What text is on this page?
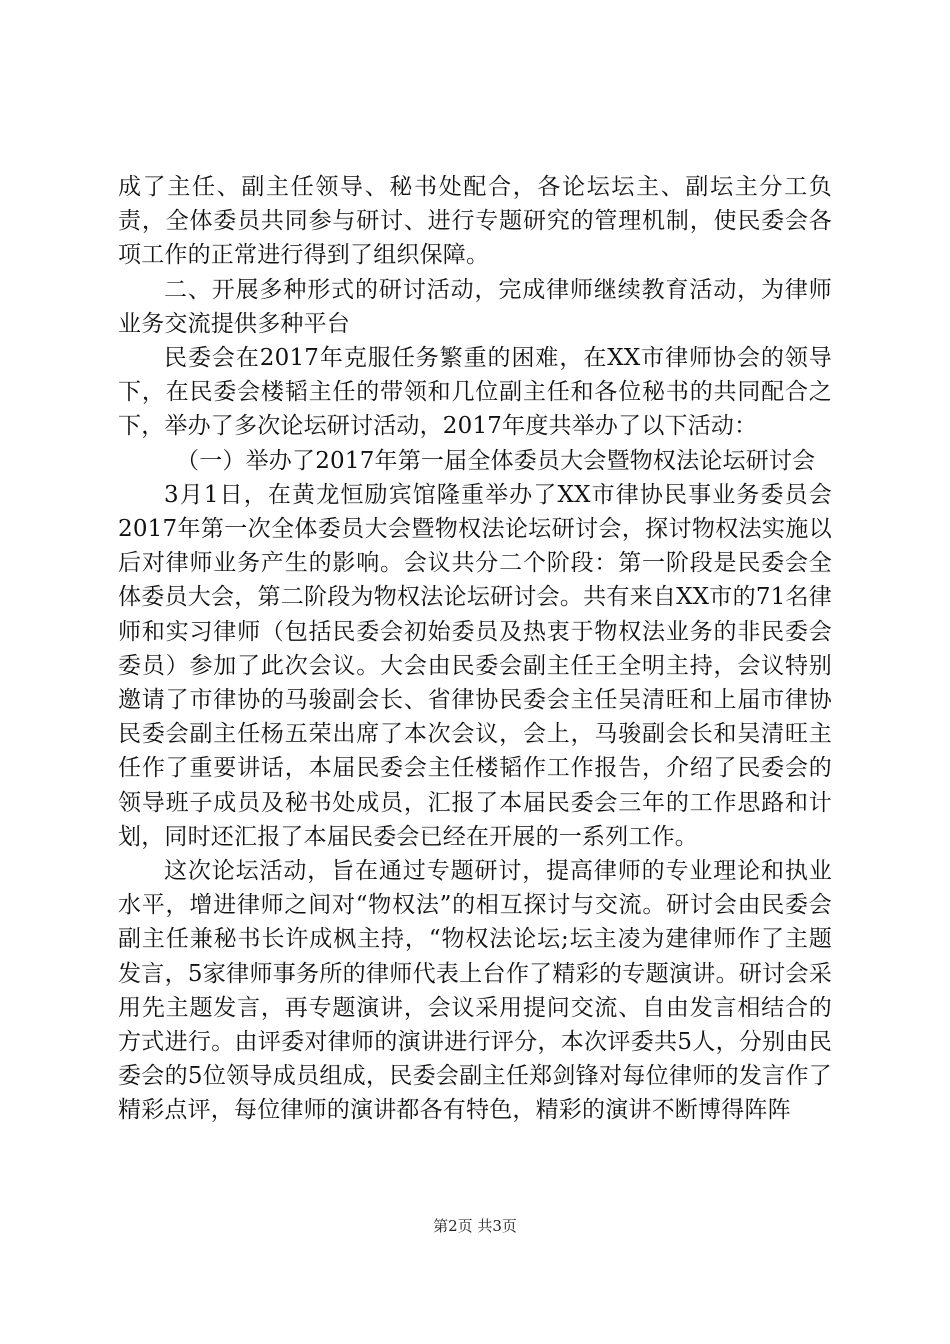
成了主任、副主任领导、秘书处配合，各论坛坛主、副坛主分工负责，全体委员共同参与研讨、进行专题研究的管理机制，使民委会各项工作的正常进行得到了组织保障。

二、开展多种形式的研讨活动，完成律师继续教育活动，为律师业务交流提供多种平台

民委会在2017年克服任务繁重的困难，在XX市律师协会的领导下，在民委会楼韬主任的带领和几位副主任和各位秘书的共同配合之下，举办了多次论坛研讨活动，2017年度共举办了以下活动：

（一）举办了2017年第一届全体委员大会暨物权法论坛研讨会

3月1日，在黄龙恒励宾馆隆重举办了XX市律协民事业务委员会2017年第一次全体委员大会暨物权法论坛研讨会，探讨物权法实施以后对律师业务产生的影响。会议共分二个阶段：第一阶段是民委会全体委员大会，第二阶段为物权法论坛研讨会。共有来自XX市的71名律师和实习律师（包括民委会初始委员及热衷于物权法业务的非民委会委员）参加了此次会议。大会由民委会副主任王全明主持，会议特别邀请了市律协的马骏副会长、省律协民委会主任吴清旺和上届市律协民委会副主任杨五荣出席了本次会议，会上，马骏副会长和吴清旺主任作了重要讲话，本届民委会主任楼韬作工作报告，介绍了民委会的领导班子成员及秘书处成员，汇报了本届民委会三年的工作思路和计划，同时还汇报了本届民委会已经在开展的一系列工作。

这次论坛活动，旨在通过专题研讨，提高律师的专业理论和执业水平，增进律师之间对“物权法”的相互探讨与交流。研讨会由民委会副主任兼秘书长许成枫主持，“物权法论坛;坛主凌为建律师作了主题发言，5家律师事务所的律师代表上台作了精彩的专题演讲。研讨会采用先主题发言，再专题演讲，会议采用提问交流、自由发言相结合的方式进行。由评委对律师的演讲进行评分，本次评委共5人，分别由民委会的5位领导成员组成，民委会副主任郑剑锋对每位律师的发言作了精彩点评，每位律师的演讲都各有特色，精彩的演讲不断博得阵阵

第2页 共3页
